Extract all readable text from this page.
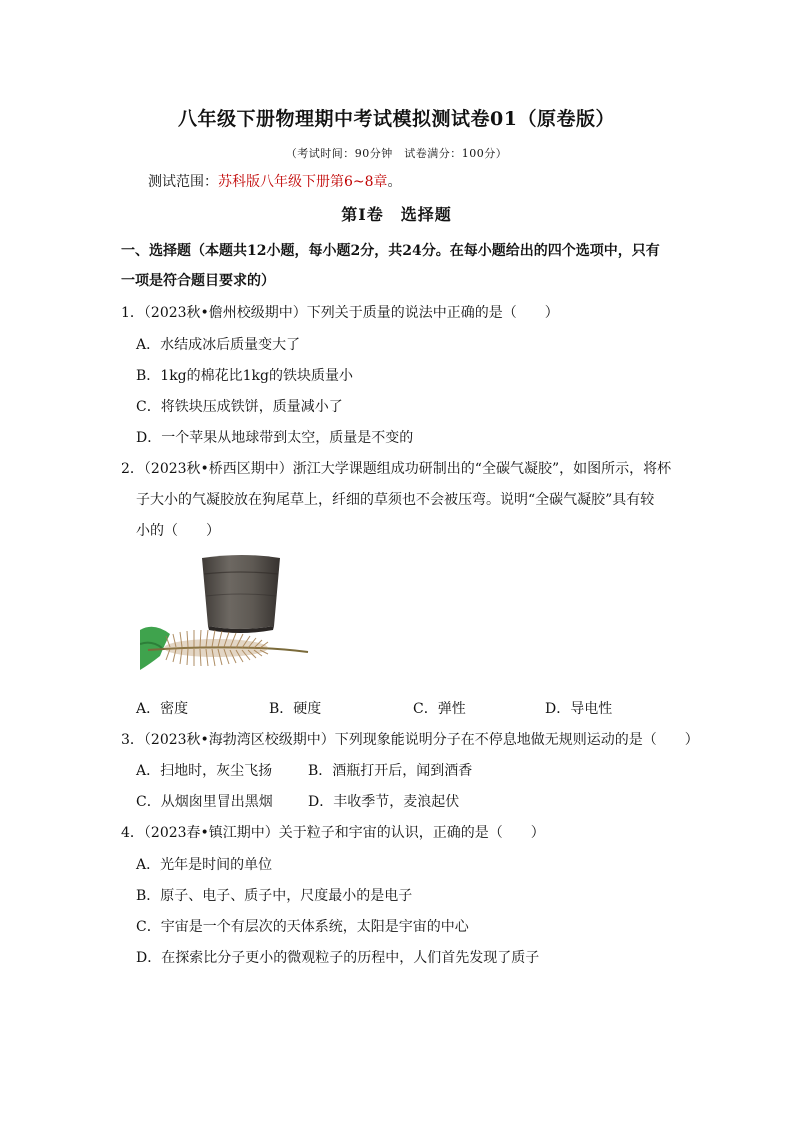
八年级下册物理期中考试模拟测试卷01（原卷版）
（考试时间：90分钟　试卷满分：100分）
测试范围：苏科版八年级下册第6~8章。
第Ⅰ卷　选择题
一、选择题（本题共12小题，每小题2分，共24分。在每小题给出的四个选项中，只有
一项是符合题目要求的）
1．（2023秋•儋州校级期中）下列关于质量的说法中正确的是（　　）
A．水结成冰后质量变大了
B．1kg的棉花比1kg的铁块质量小
C．将铁块压成铁饼，质量减小了
D．一个苹果从地球带到太空，质量是不变的
2．（2023秋•桥西区期中）浙江大学课题组成功研制出的“全碳气凝胶”，如图所示，将杯
子大小的气凝胶放在狗尾草上，纤细的草须也不会被压弯。说明“全碳气凝胶”具有较
小的（　　）
A．密度	B．硬度	C．弹性	D．导电性
3．（2023秋•海勃湾区校级期中）下列现象能说明分子在不停息地做无规则运动的是（　　）
A．扫地时，灰尘飞扬	B．酒瓶打开后，闻到酒香
C．从烟囱里冒出黑烟	D．丰收季节，麦浪起伏
4．（2023春•镇江期中）关于粒子和宇宙的认识，正确的是（　　）
A．光年是时间的单位
B．原子、电子、质子中，尺度最小的是电子
C．宇宙是一个有层次的天体系统，太阳是宇宙的中心
D．在探索比分子更小的微观粒子的历程中，人们首先发现了质子
